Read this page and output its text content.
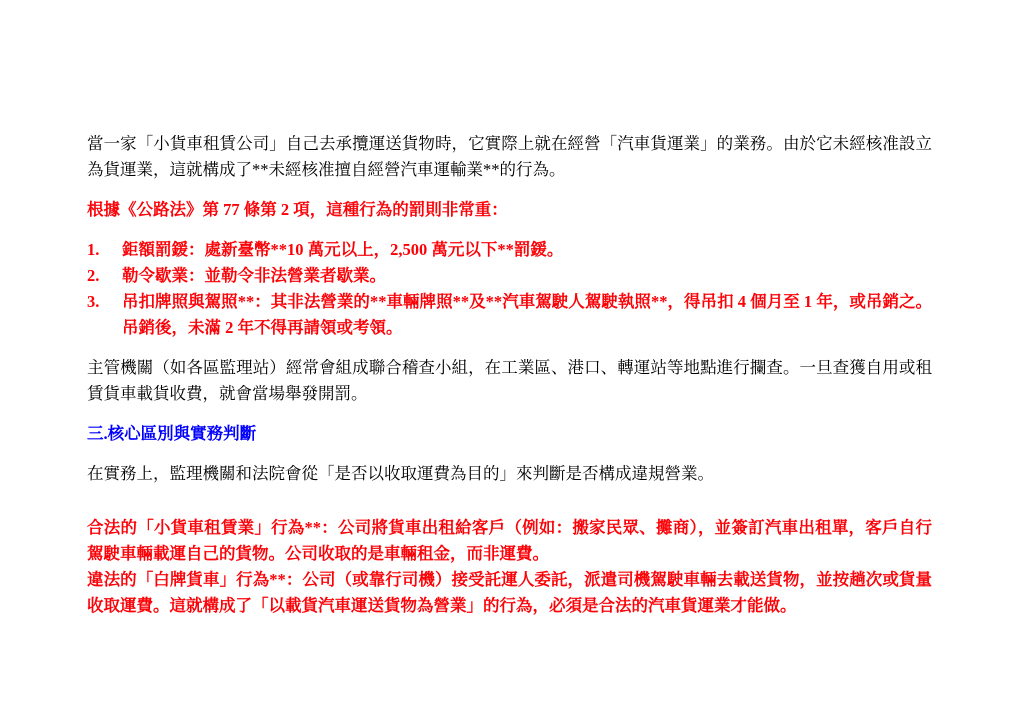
當一家「小貨車租賃公司」自己去承攬運送貨物時，它實際上就在經營「汽車貨運業」的業務。由於它未經核准設立為貨運業，這就構成了**未經核准擅自經營汽車運輸業**的行為。

根據《公路法》第 77 條第 2 項，這種行為的罰則非常重：

1.	鉅額罰鍰：處新臺幣**10 萬元以上，2,500 萬元以下**罰鍰。
2.	勒令歇業：並勒令非法營業者歇業。
3.	吊扣牌照與駕照**：其非法營業的**車輛牌照**及**汽車駕駛人駕駛執照**，得吊扣 4 個月至 1 年，或吊銷之。吊銷後，未滿 2 年不得再請領或考領。

主管機關（如各區監理站）經常會組成聯合稽查小組，在工業區、港口、轉運站等地點進行攔查。一旦查獲自用或租賃貨車載貨收費，就會當場舉發開罰。

三.核心區別與實務判斷

在實務上，監理機關和法院會從「是否以收取運費為目的」來判斷是否構成違規營業。

合法的「小貨車租賃業」行為**：公司將貨車出租給客戶（例如：搬家民眾、攤商），並簽訂汽車出租單，客戶自行駕駛車輛載運自己的貨物。公司收取的是車輛租金，而非運費。

違法的「白牌貨車」行為**：公司（或靠行司機）接受託運人委託，派遣司機駕駛車輛去載送貨物，並按趟次或貨量收取運費。這就構成了「以載貨汽車運送貨物為營業」的行為，必須是合法的汽車貨運業才能做。
